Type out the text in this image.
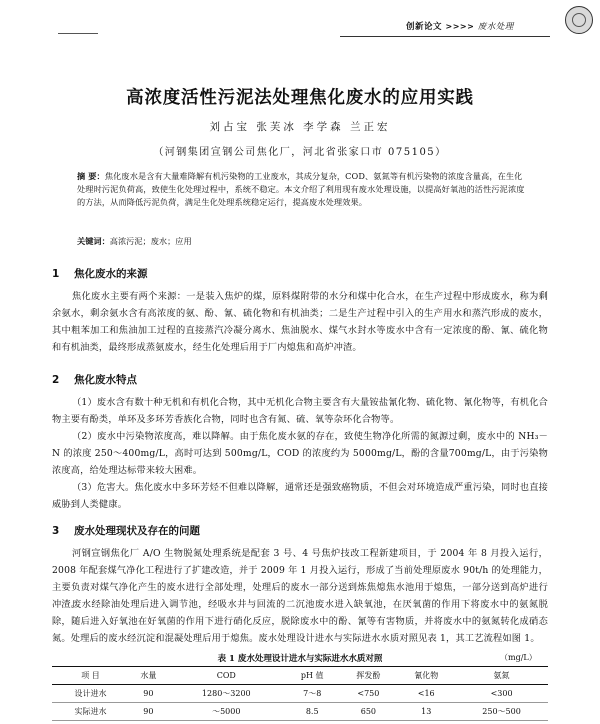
创新论文 >>>> 废水处理
高浓度活性污泥法处理焦化废水的应用实践
刘占宝 张芙冰 李学森 兰正宏
（河钢集团宣钢公司焦化厂，河北省张家口市 075105）
摘 要：焦化废水是含有大量难降解有机污染物的工业废水，其成分复杂，COD、氨氮等有机污染物的浓度含量高，在生化处理时污泥负荷高，致使生化处理过程中，系统不稳定。本文介绍了利用现有废水处理设施，以提高好氧池的活性污泥浓度的方法，从而降低污泥负荷，满足生化处理系统稳定运行，提高废水处理效果。
关键词：高浓污泥；废水；应用
1 焦化废水的来源
焦化废水主要有两个来源：一是装入焦炉的煤，原料煤附带的水分和煤中化合水，在生产过程中形成废水，称为剩余氨水，剩余氨水含有高浓度的氨、酚、氰、硫化物和有机油类；二是生产过程中引入的生产用水和蒸汽形成的废水，其中粗苯加工和焦油加工过程的直接蒸汽冷凝分离水、焦油脱水、煤气水封水等废水中含有一定浓度的酚、氰、硫化物和有机油类，最终形成蒸氨废水，经生化处理后用于厂内熄焦和高炉冲渣。
2 焦化废水特点
（1）废水含有数十种无机和有机化合物，其中无机化合物主要含有大量铵盐氰化物、硫化物、氰化物等，有机化合物主要有酚类，单环及多环芳香族化合物，同时也含有氮、硫、氧等杂环化合物等。
（2）废水中污染物浓度高，难以降解。由于焦化废水氨的存在，致使生物净化所需的氮源过剩，废水中的 NH₃－N 的浓度 250～400mg/L，高时可达到 500mg/L，COD 的浓度约为 5000mg/L，酚的含量700mg/L，由于污染物浓度高，给处理达标带来较大困难。
（3）危害大。焦化废水中多环芳烃不但难以降解，通常还是强致癌物质，不但会对环境造成严重污染，同时也直接威胁到人类健康。
3 废水处理现状及存在的问题
河钢宣钢焦化厂 A/O 生物脱氮处理系统是配套 3 号、4 号焦炉技改工程新建项目，于 2004 年 8 月投入运行，2008 年配套煤气净化工程进行了扩建改造，并于 2009 年 1 月投入运行，形成了当前处理原废水 90t/h 的处理能力，主要负责对煤气净化产生的废水进行全部处理，处理后的废水一部分送到炼焦熄焦水池用于熄焦，一部分送到高炉进行冲渣。
废水经除油处理后进入调节池，经吸水井与回流的二沉池废水进入缺氧池，在厌氧菌的作用下将废水中的氨氮脱除，随后进入好氧池在好氧菌的作用下进行硝化反应，脱除废水中的酚、氰等有害物质，并将废水中的氨氮转化成硝态氮。处理后的废水经沉淀和混凝处理后用于熄焦。废水处理设计进水与实际进水水质对照见表 1，其工艺流程如图 1。
表 1 废水处理设计进水与实际进水水质对照	（mg/L）
项 目	水量	COD	pH 值	挥发酚	氰化物	氨氮
设计进水	90	1280～3200	7～8	<750	<16	<300
实际进水	90	～5000	8.5	650	13	250～500
